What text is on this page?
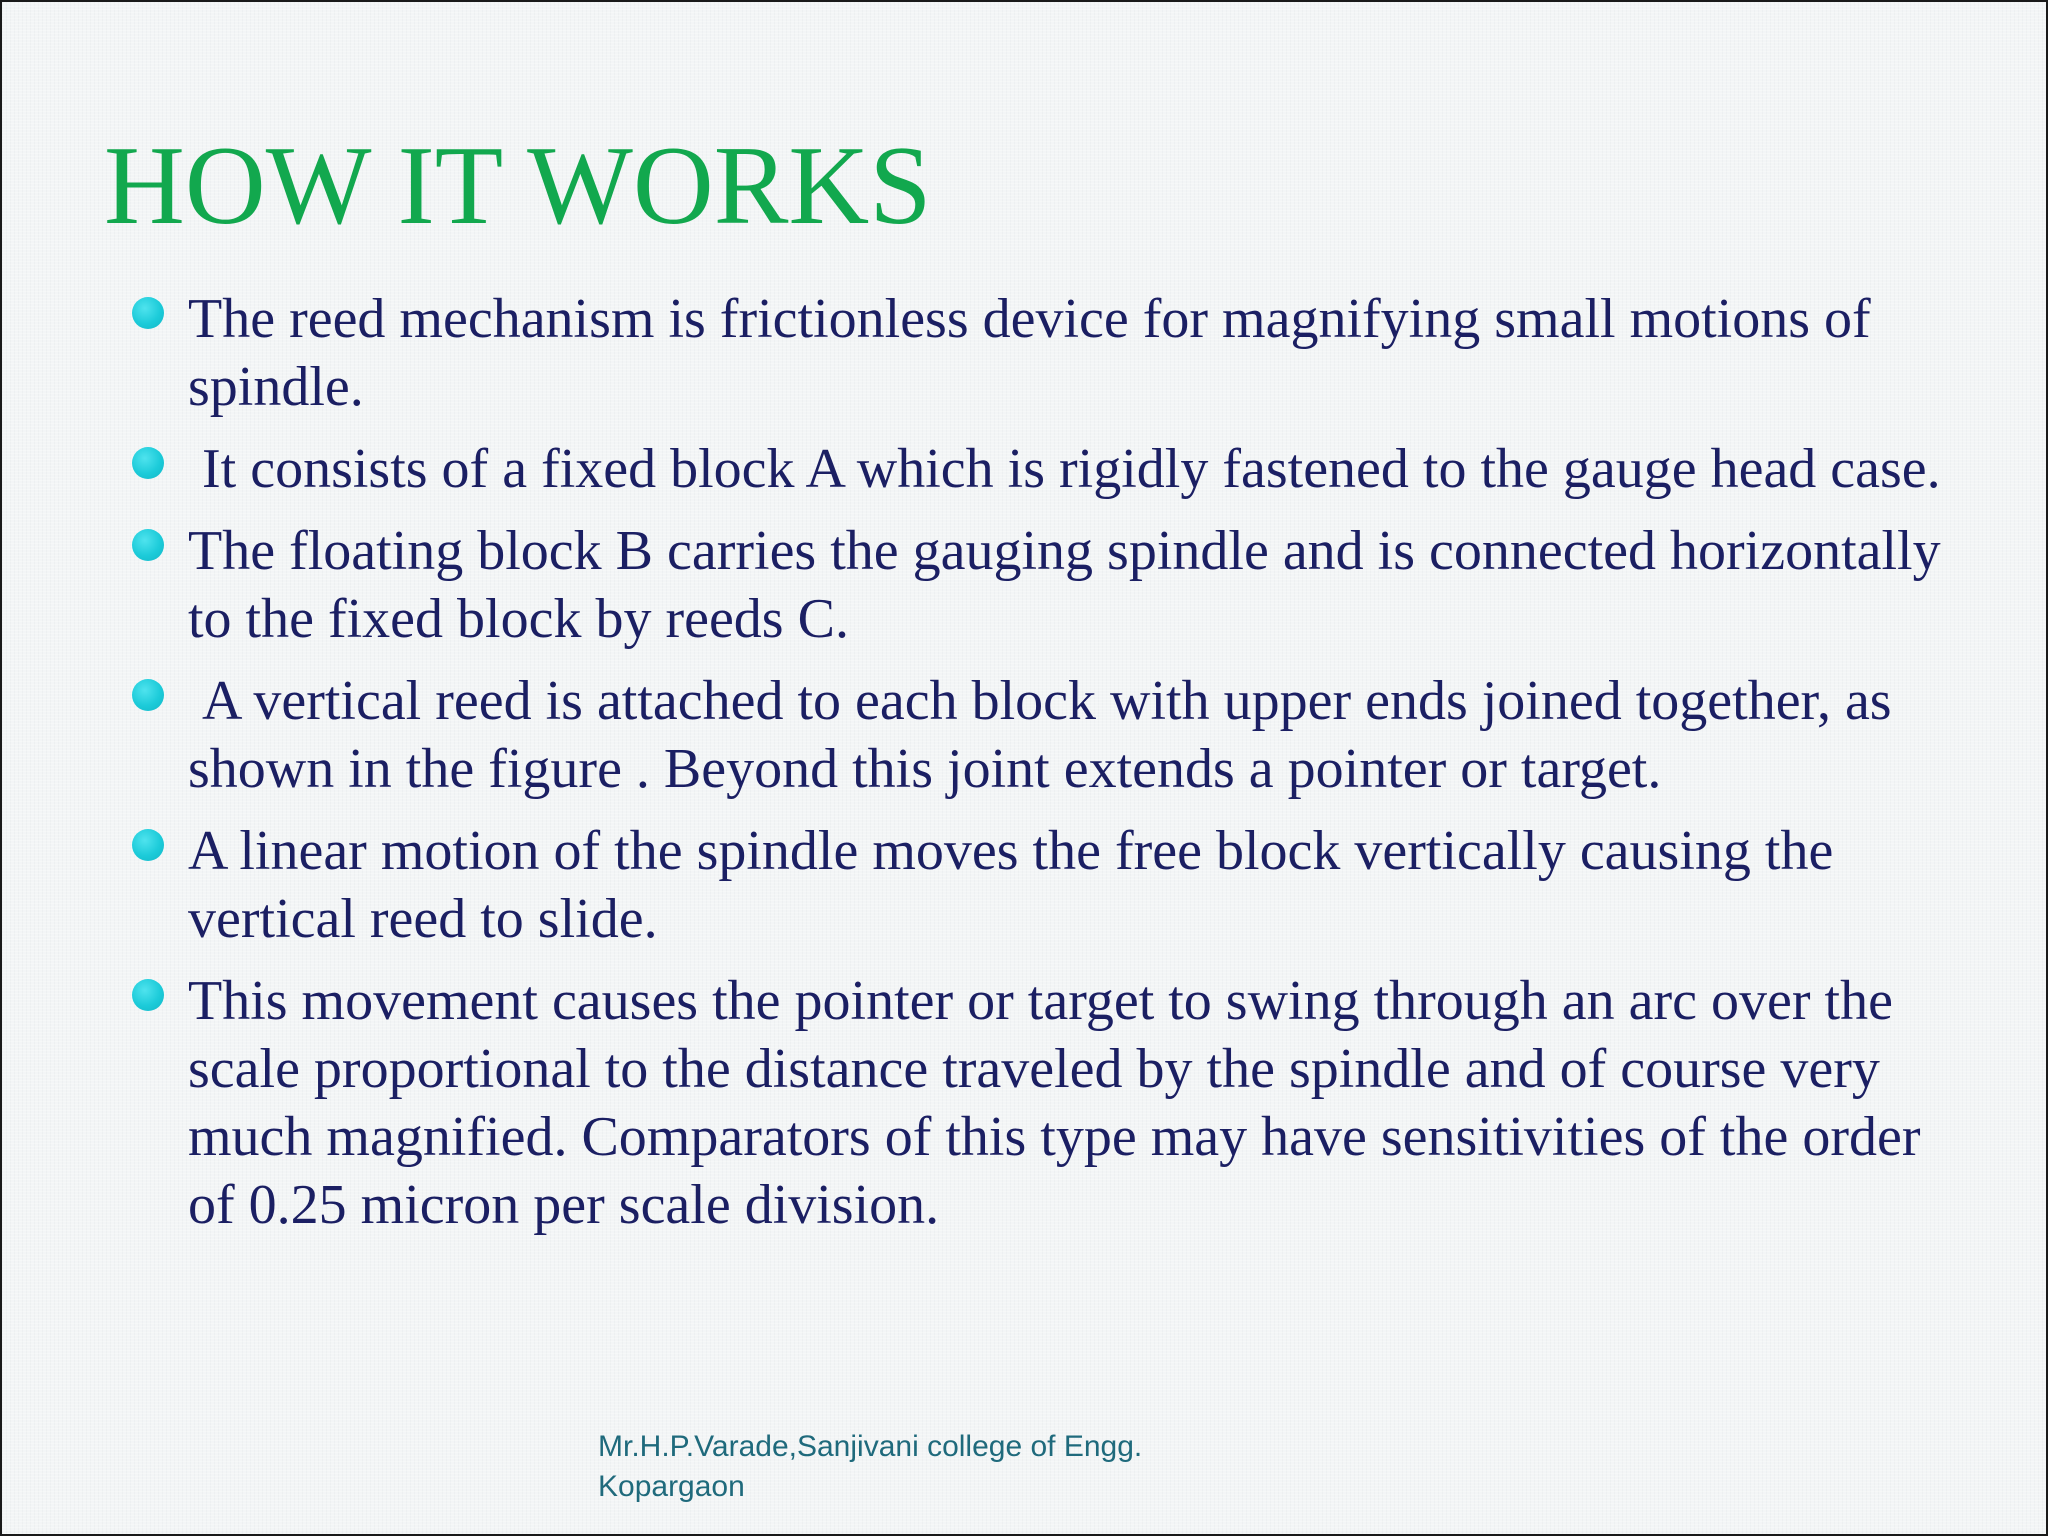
HOW IT WORKS
The reed mechanism is frictionless device for magnifying small motions of spindle.
It consists of a fixed block A which is rigidly fastened to the gauge head case.
The floating block B carries the gauging spindle and is connected horizontally to the fixed block by reeds C.
A vertical reed is attached to each block with upper ends joined together, as shown in the figure . Beyond this joint extends a pointer or target.
A linear motion of the spindle moves the free block vertically causing the vertical reed to slide.
This movement causes the pointer or target to swing through an arc over the scale proportional to the distance traveled by the spindle and of course very much magnified. Comparators of this type may have sensitivities of the order of 0.25 micron per scale division.
Mr.H.P.Varade,Sanjivani college of Engg.
Kopargaon
